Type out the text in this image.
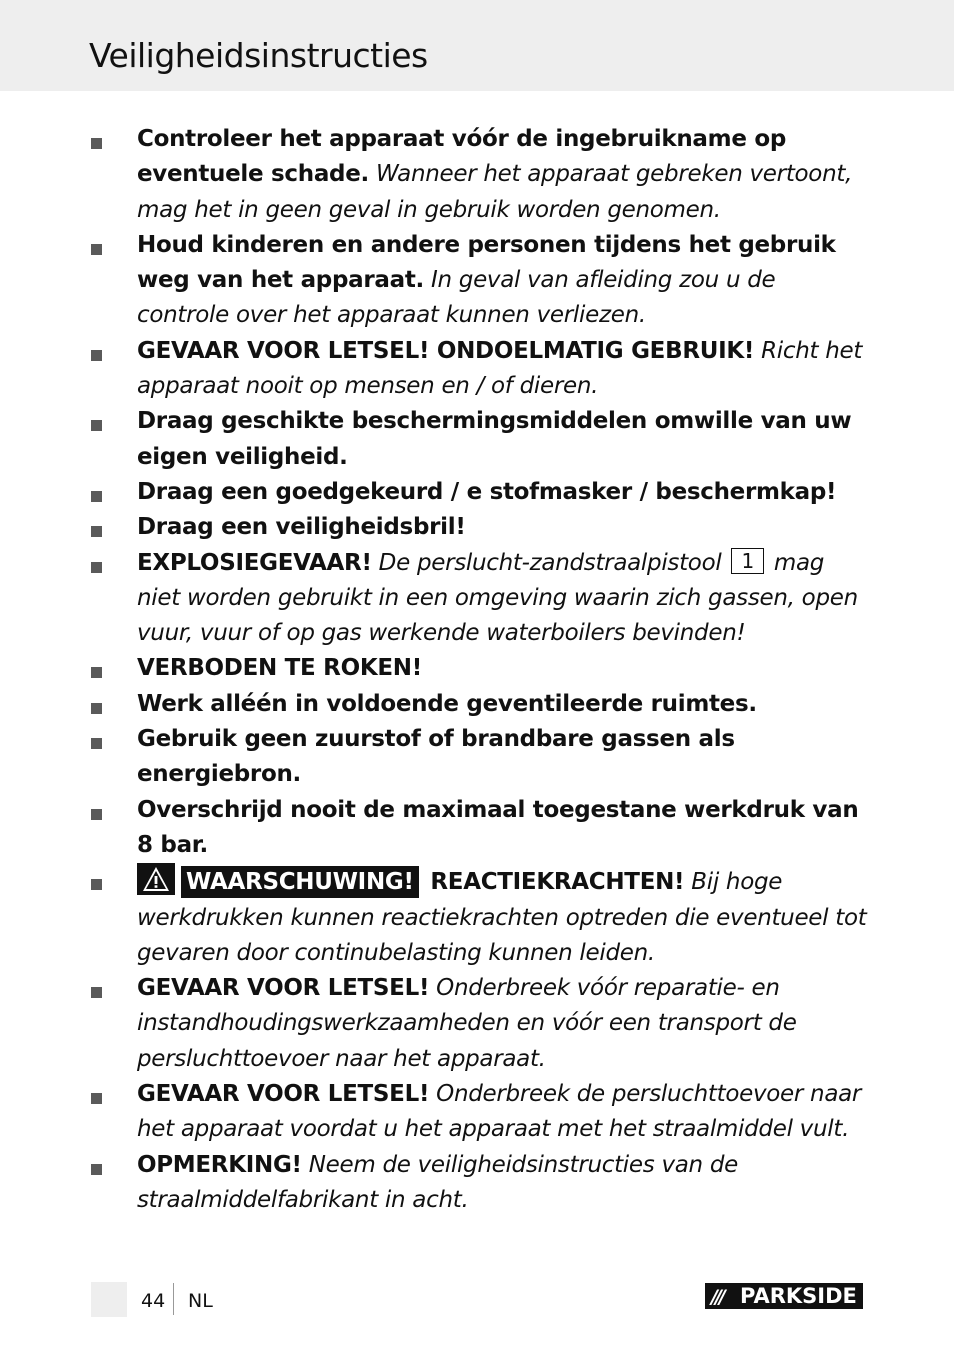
Veiligheidsinstructies
Controleer het apparaat vóór de ingebruikname op eventuele schade. Wanneer het apparaat gebreken vertoont, mag het in geen geval in gebruik worden genomen.
Houd kinderen en andere personen tijdens het gebruik weg van het apparaat. In geval van afleiding zou u de controle over het apparaat kunnen verliezen.
GEVAAR VOOR LETSEL! ONDOELMATIG GEBRUIK! Richt het apparaat nooit op mensen en / of dieren.
Draag geschikte beschermingsmiddelen omwille van uw eigen veiligheid.
Draag een goedgekeurd / e stofmasker / beschermkap!
Draag een veiligheidsbril!
EXPLOSIEGEVAAR! De perslucht-zandstraalpistool 1 mag niet worden gebruikt in een omgeving waarin zich gassen, open vuur, vuur of op gas werkende waterboilers bevinden!
VERBODEN TE ROKEN!
Werk alléén in voldoende geventileerde ruimtes.
Gebruik geen zuurstof of brandbare gassen als energiebron.
Overschrijd nooit de maximaal toegestane werkdruk van 8 bar.
WAARSCHUWING! REACTIEKRACHTEN! Bij hoge werkdrukken kunnen reactiekrachten optreden die eventueel tot gevaren door continubelasting kunnen leiden.
GEVAAR VOOR LETSEL! Onderbreek vóór reparatie- en instandhoudingswerkzaamheden en vóór een transport de persluchttoevoer naar het apparaat.
GEVAAR VOOR LETSEL! Onderbreek de persluchttoevoer naar het apparaat voordat u het apparaat met het straalmiddel vult.
OPMERKING! Neem de veiligheidsinstructies van de straalmiddelfabrikant in acht.
44 NL	/// PARKSIDE
